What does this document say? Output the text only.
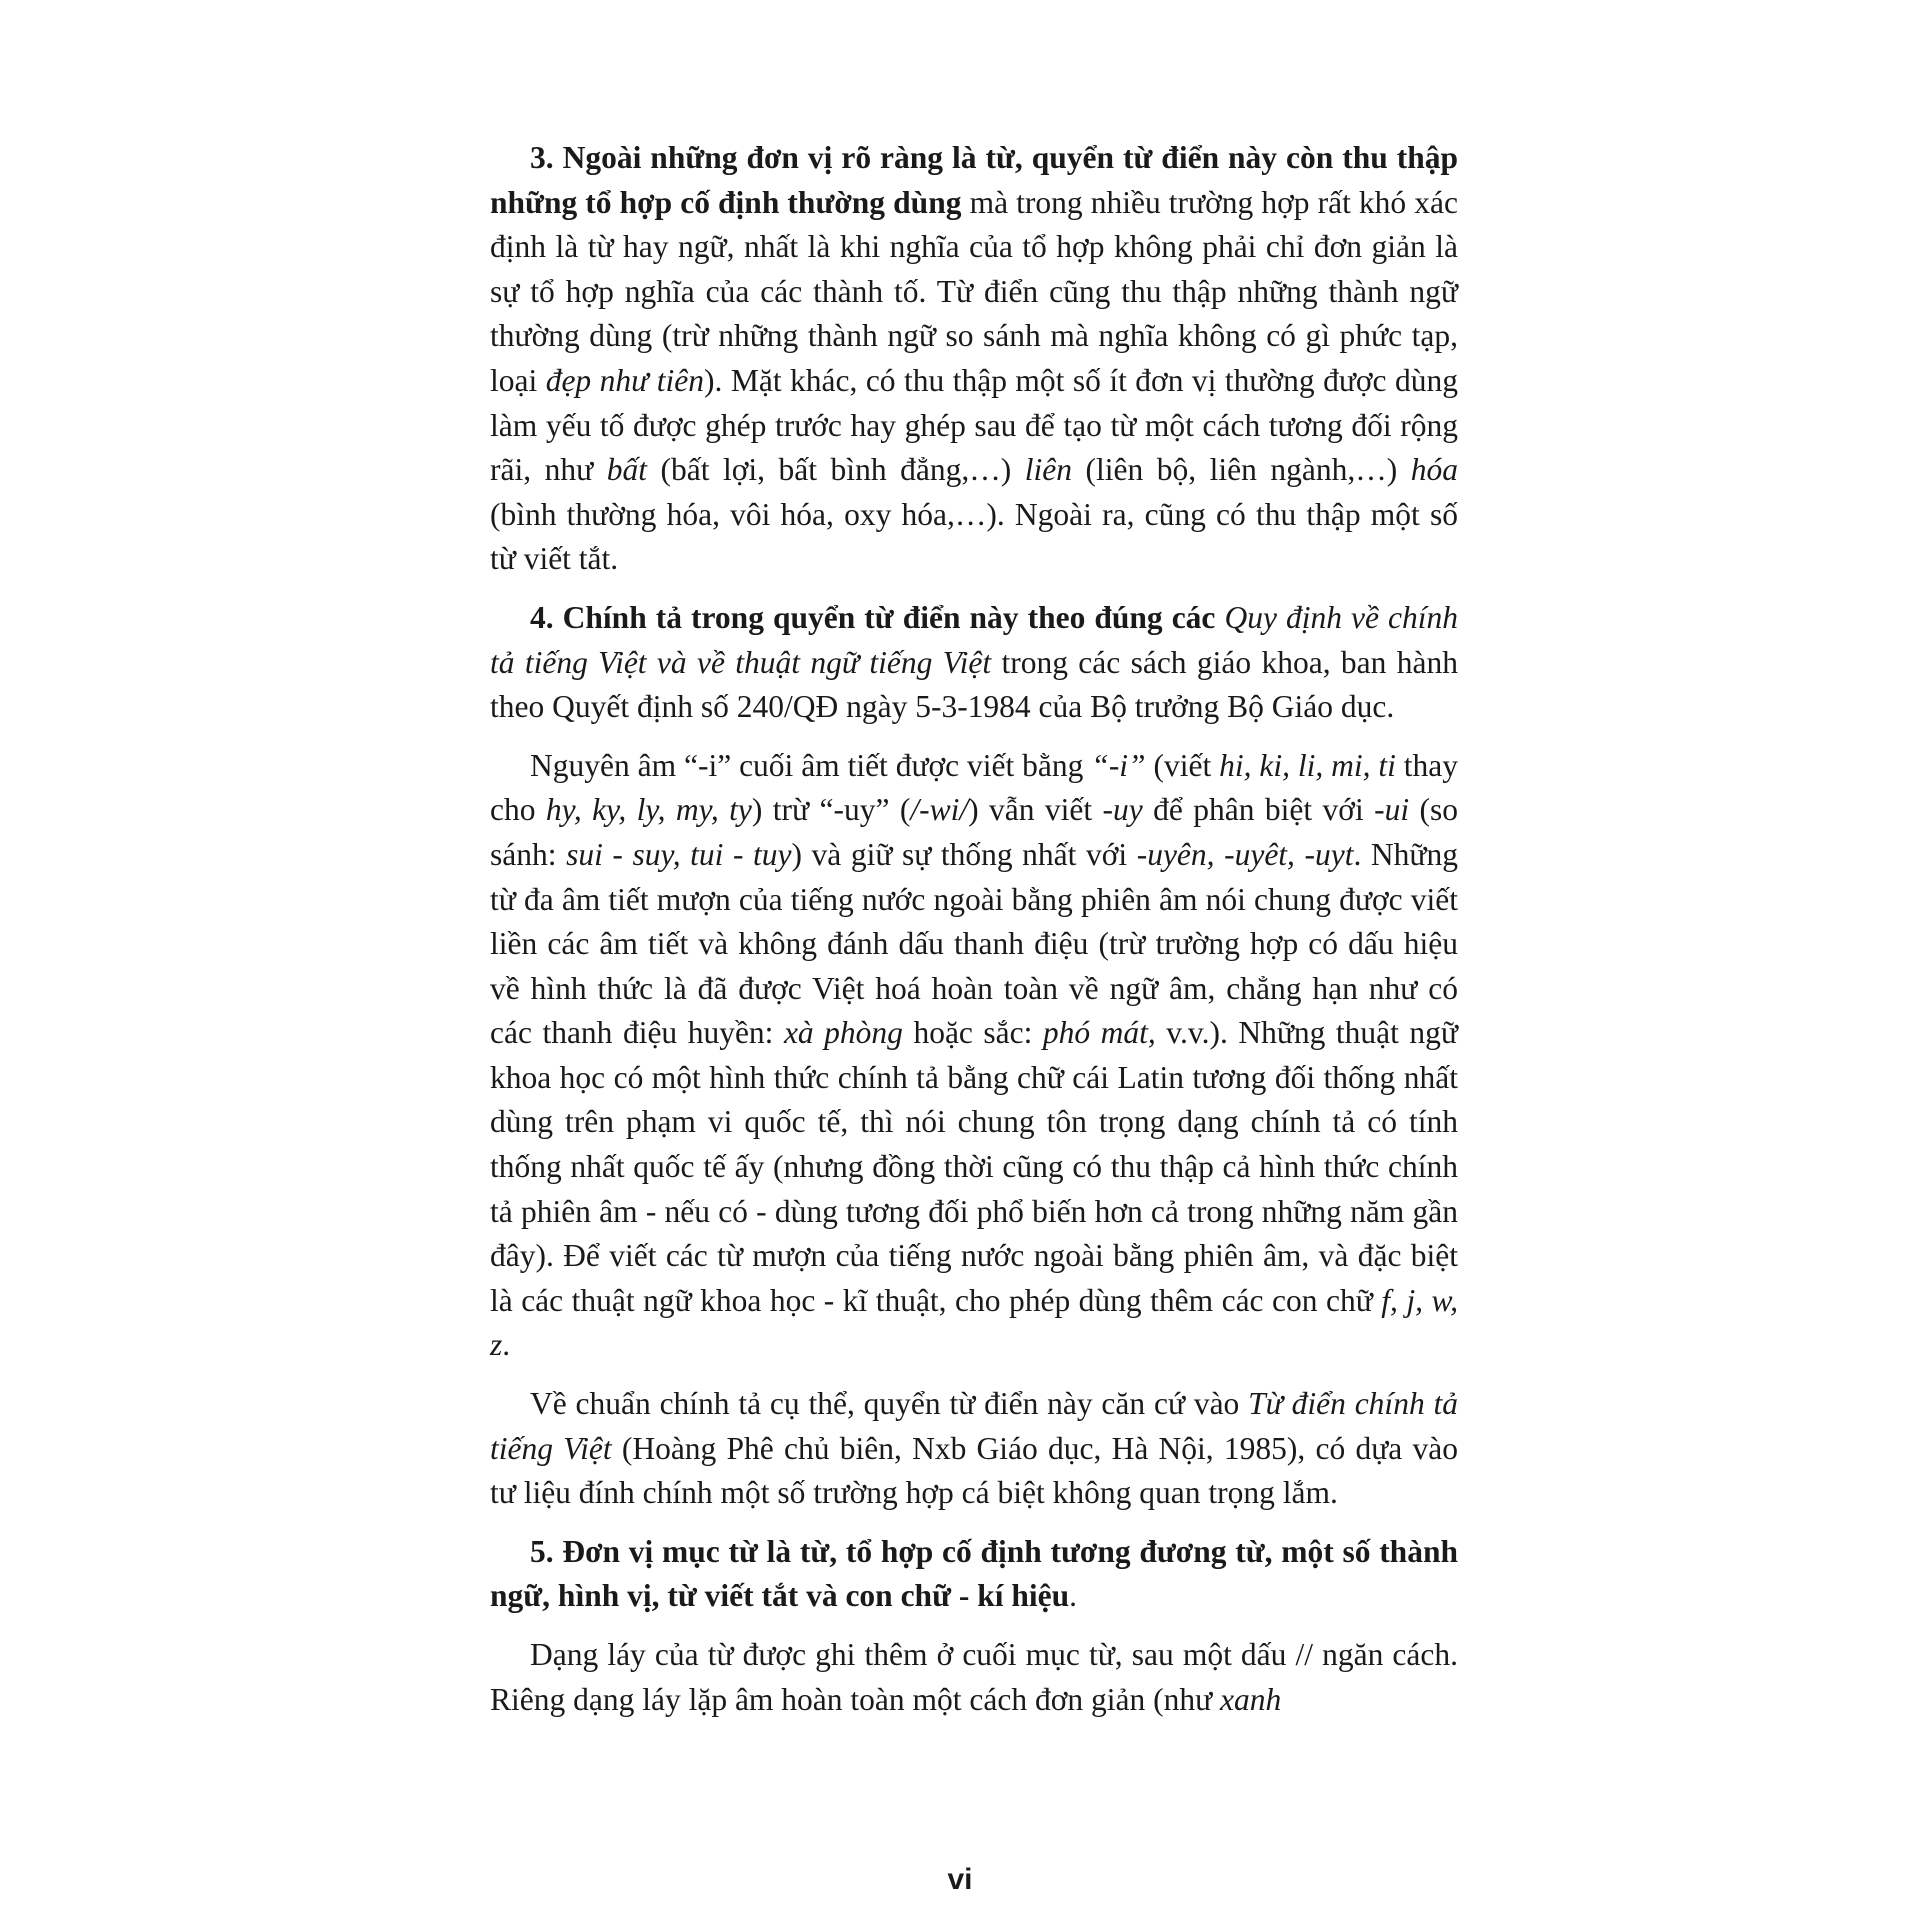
3. Ngoài những đơn vị rõ ràng là từ, quyển từ điển này còn thu thập những tổ hợp cố định thường dùng mà trong nhiều trường hợp rất khó xác định là từ hay ngữ, nhất là khi nghĩa của tổ hợp không phải chỉ đơn giản là sự tổ hợp nghĩa của các thành tố. Từ điển cũng thu thập những thành ngữ thường dùng (trừ những thành ngữ so sánh mà nghĩa không có gì phức tạp, loại đẹp như tiên). Mặt khác, có thu thập một số ít đơn vị thường được dùng làm yếu tố được ghép trước hay ghép sau để tạo từ một cách tương đối rộng rãi, như bất (bất lợi, bất bình đẳng,…) liên (liên bộ, liên ngành,…) hóa (bình thường hóa, vôi hóa, oxy hóa,…). Ngoài ra, cũng có thu thập một số từ viết tắt.

4. Chính tả trong quyển từ điển này theo đúng các Quy định về chính tả tiếng Việt và về thuật ngữ tiếng Việt trong các sách giáo khoa, ban hành theo Quyết định số 240/QĐ ngày 5-3-1984 của Bộ trưởng Bộ Giáo dục.

Nguyên âm “-i” cuối âm tiết được viết bằng “-i” (viết hi, ki, li, mi, ti thay cho hy, ky, ly, my, ty) trừ “-uy” (/-wi/) vẫn viết -uy để phân biệt với -ui (so sánh: sui - suy, tui - tuy) và giữ sự thống nhất với -uyên, -uyêt, -uyt. Những từ đa âm tiết mượn của tiếng nước ngoài bằng phiên âm nói chung được viết liền các âm tiết và không đánh dấu thanh điệu (trừ trường hợp có dấu hiệu về hình thức là đã được Việt hoá hoàn toàn về ngữ âm, chẳng hạn như có các thanh điệu huyền: xà phòng hoặc sắc: phó mát, v.v.). Những thuật ngữ khoa học có một hình thức chính tả bằng chữ cái Latin tương đối thống nhất dùng trên phạm vi quốc tế, thì nói chung tôn trọng dạng chính tả có tính thống nhất quốc tế ấy (nhưng đồng thời cũng có thu thập cả hình thức chính tả phiên âm - nếu có - dùng tương đối phổ biến hơn cả trong những năm gần đây). Để viết các từ mượn của tiếng nước ngoài bằng phiên âm, và đặc biệt là các thuật ngữ khoa học - kĩ thuật, cho phép dùng thêm các con chữ f, j, w, z.

Về chuẩn chính tả cụ thể, quyển từ điển này căn cứ vào Từ điển chính tả tiếng Việt (Hoàng Phê chủ biên, Nxb Giáo dục, Hà Nội, 1985), có dựa vào tư liệu đính chính một số trường hợp cá biệt không quan trọng lắm.

5. Đơn vị mục từ là từ, tổ hợp cố định tương đương từ, một số thành ngữ, hình vị, từ viết tắt và con chữ - kí hiệu.

Dạng láy của từ được ghi thêm ở cuối mục từ, sau một dấu // ngăn cách. Riêng dạng láy lặp âm hoàn toàn một cách đơn giản (như xanh

vi
